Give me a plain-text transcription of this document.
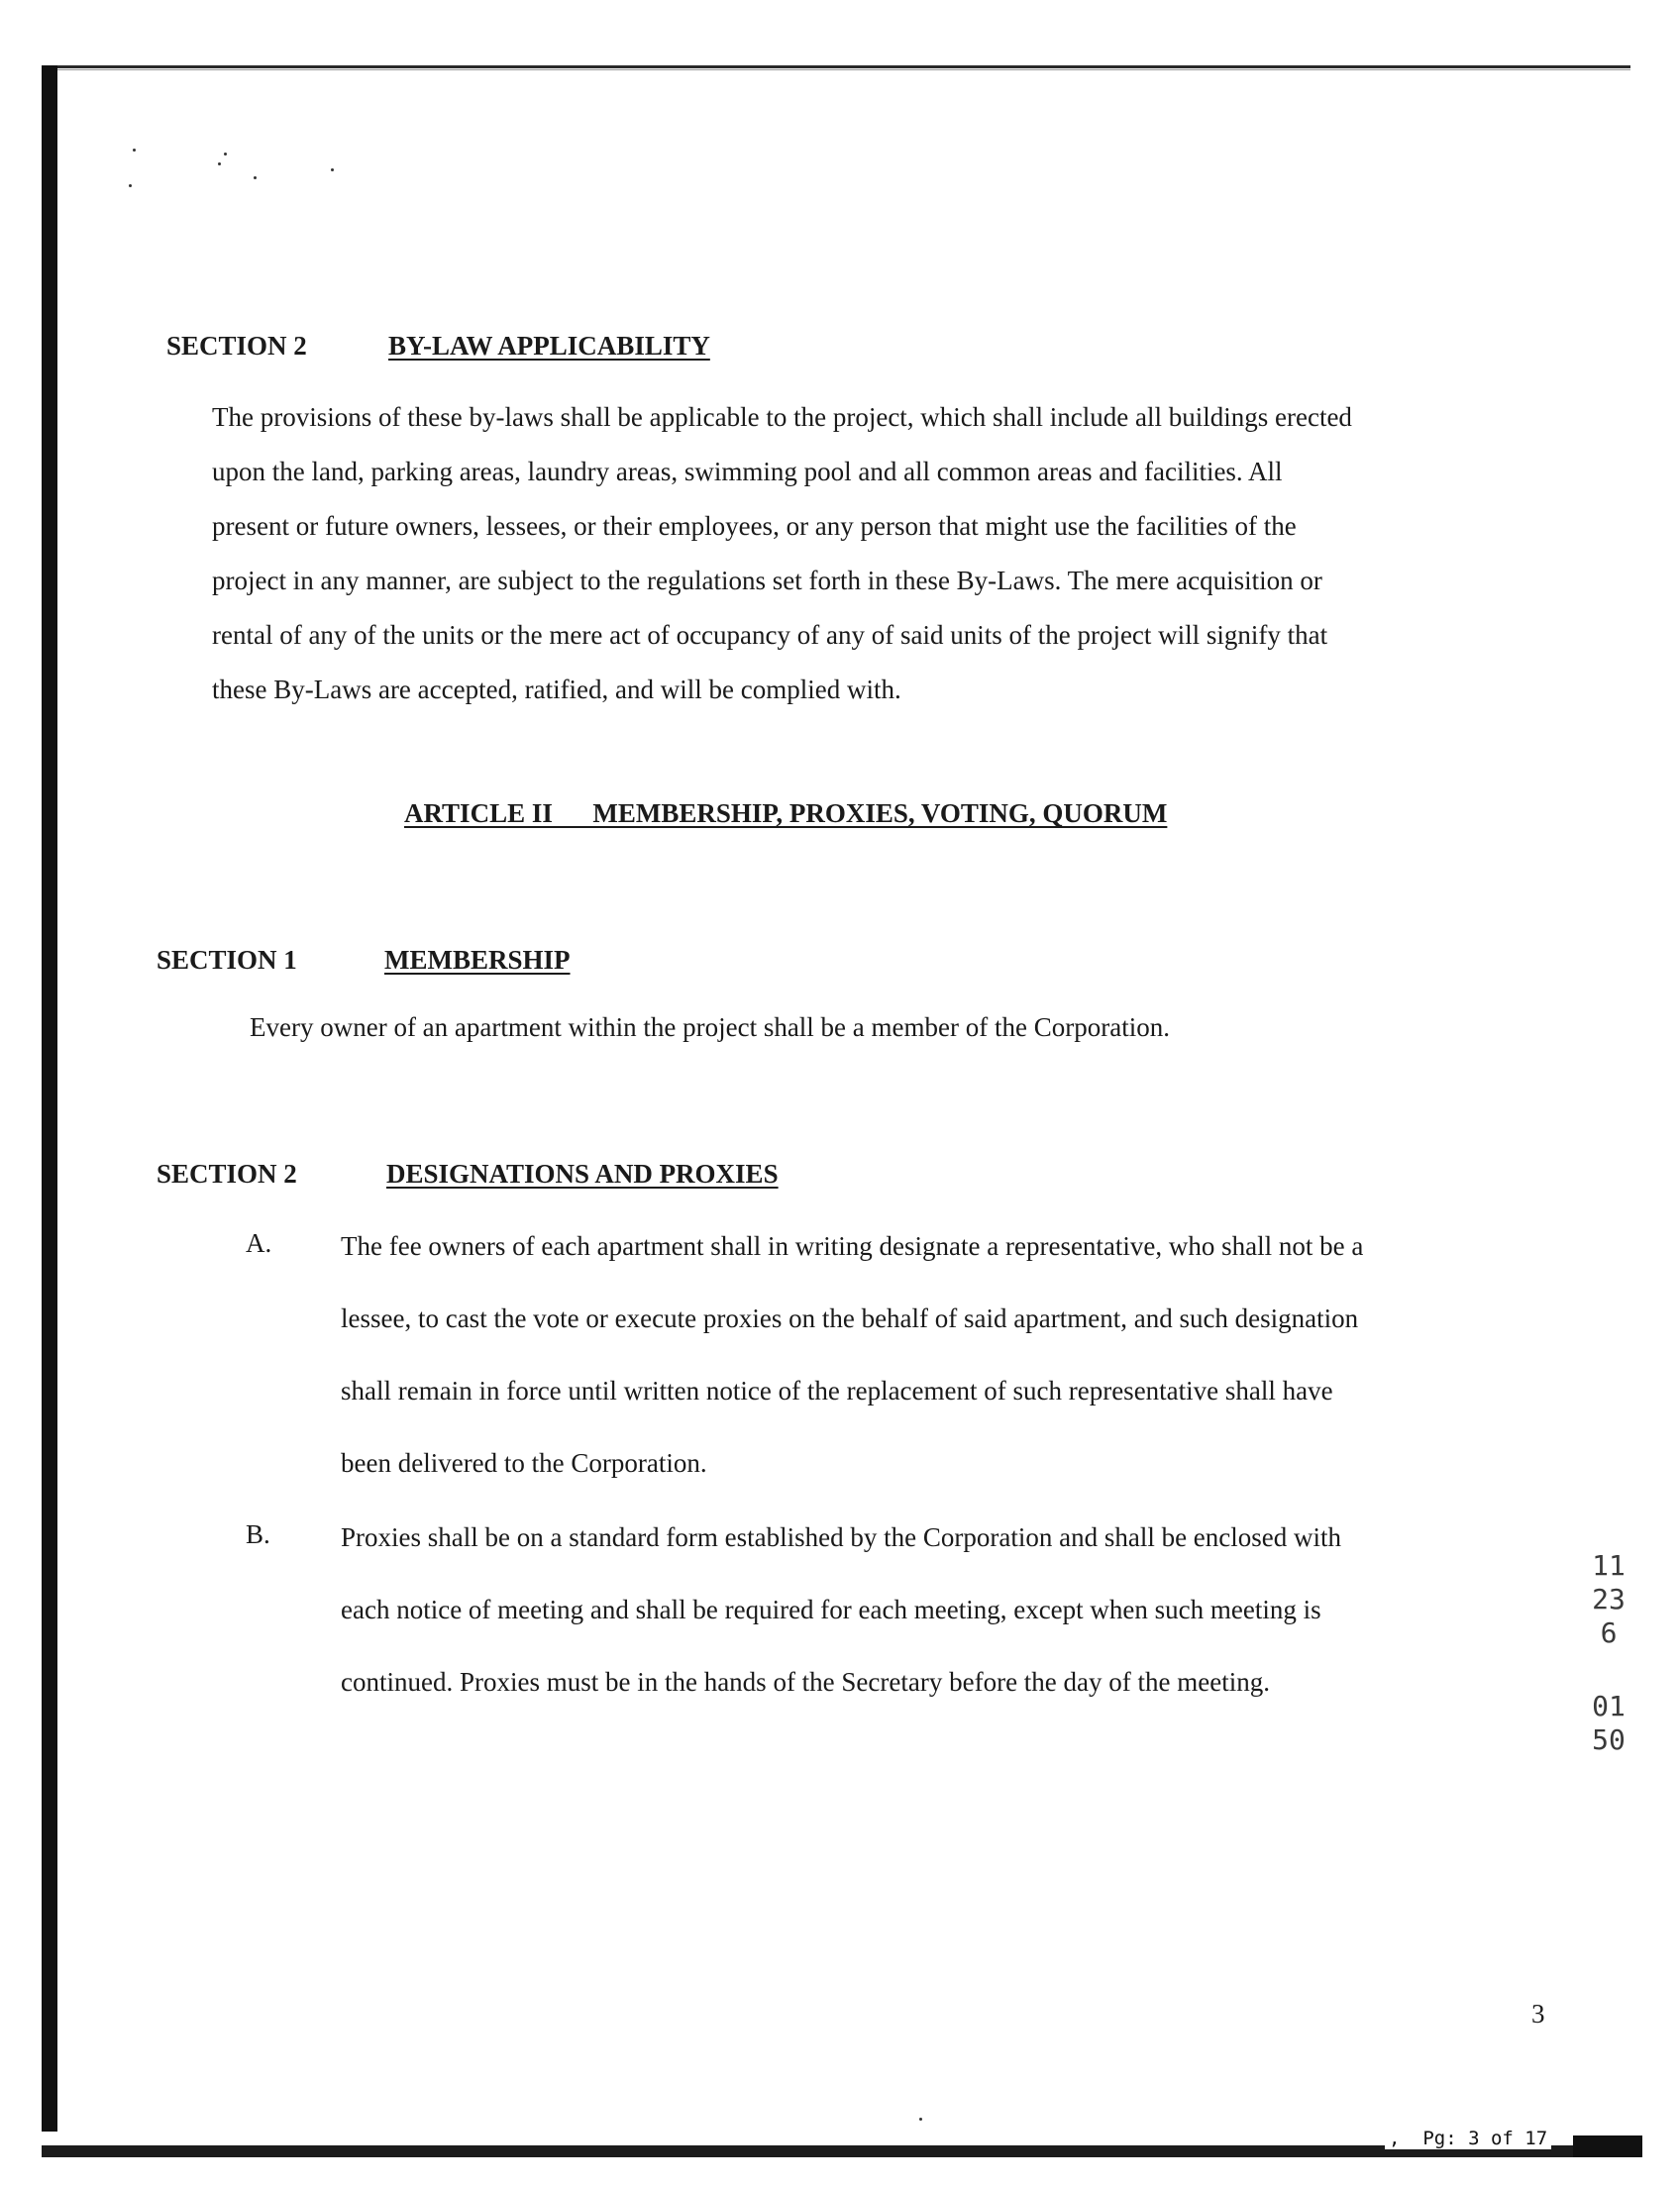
SECTION 2	BY-LAW APPLICABILITY

The provisions of these by-laws shall be applicable to the project, which shall include all buildings erected
upon the land, parking areas, laundry areas, swimming pool and all common areas and facilities. All
present or future owners, lessees, or their employees, or any person that might use the facilities of the
project in any manner, are subject to the regulations set forth in these By-Laws. The mere acquisition or
rental of any of the units or the mere act of occupancy of any of said units of the project will signify that
these By-Laws are accepted, ratified, and will be complied with.

ARTICLE II      MEMBERSHIP, PROXIES, VOTING, QUORUM
SECTION 1	MEMBERSHIP

Every owner of an apartment within the project shall be a member of the Corporation.

SECTION 2	DESIGNATIONS AND PROXIES
A.	The fee owners of each apartment shall in writing designate a representative, who shall not be a
lessee, to cast the vote or execute proxies on the behalf of said apartment, and such designation
shall remain in force until written notice of the replacement of such representative shall have
been delivered to the Corporation.
B.	Proxies shall be on a standard form established by the Corporation and shall be enclosed with
each notice of meeting and shall be required for each meeting, except when such meeting is
continued. Proxies must be in the hands of the Secretary before the day of the meeting.
11236
0150
3
,  Pg: 3 of 17
